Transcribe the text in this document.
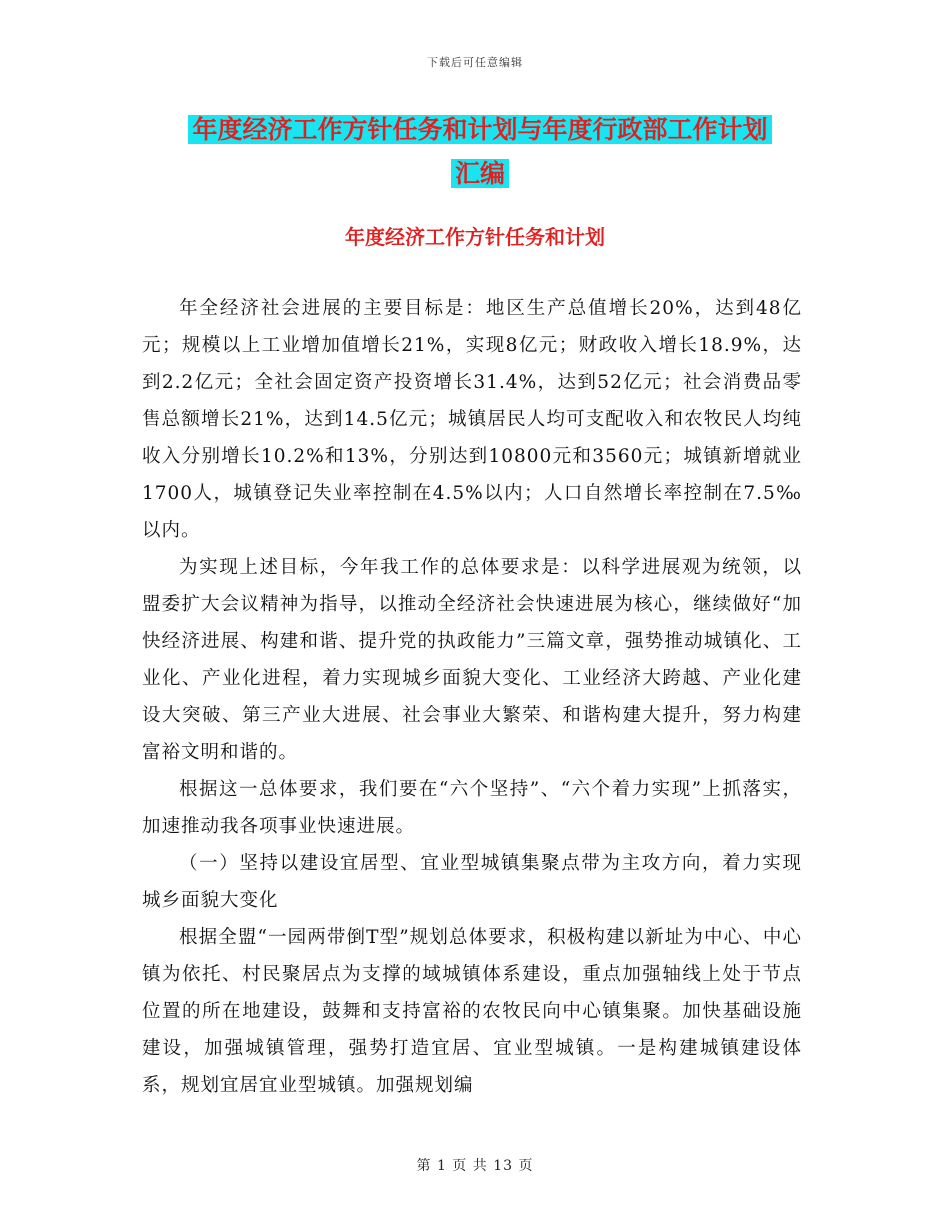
下载后可任意编辑
年度经济工作方针任务和计划与年度行政部工作计划
汇编
年度经济工作方针任务和计划

年全经济社会进展的主要目标是：地区生产总值增长20%，达到48亿元；规模以上工业增加值增长21%，实现8亿元；财政收入增长18.9%，达到2.2亿元；全社会固定资产投资增长31.4%，达到52亿元；社会消费品零售总额增长21%，达到14.5亿元；城镇居民人均可支配收入和农牧民人均纯收入分别增长10.2%和13%，分别达到10800元和3560元；城镇新增就业1700人，城镇登记失业率控制在4.5%以内；人口自然增长率控制在7.5‰以内。

为实现上述目标，今年我工作的总体要求是：以科学进展观为统领，以盟委扩大会议精神为指导，以推动全经济社会快速进展为核心，继续做好“加快经济进展、构建和谐、提升党的执政能力”三篇文章，强势推动城镇化、工业化、产业化进程，着力实现城乡面貌大变化、工业经济大跨越、产业化建设大突破、第三产业大进展、社会事业大繁荣、和谐构建大提升，努力构建富裕文明和谐的。

根据这一总体要求，我们要在“六个坚持”、“六个着力实现”上抓落实，加速推动我各项事业快速进展。

（一）坚持以建设宜居型、宜业型城镇集聚点带为主攻方向，着力实现城乡面貌大变化

根据全盟“一园两带倒T型”规划总体要求，积极构建以新址为中心、中心镇为依托、村民聚居点为支撑的域城镇体系建设，重点加强轴线上处于节点位置的所在地建设，鼓舞和支持富裕的农牧民向中心镇集聚。加快基础设施建设，加强城镇管理，强势打造宜居、宜业型城镇。一是构建城镇建设体系，规划宜居宜业型城镇。加强规划编

第 1 页 共 13 页
